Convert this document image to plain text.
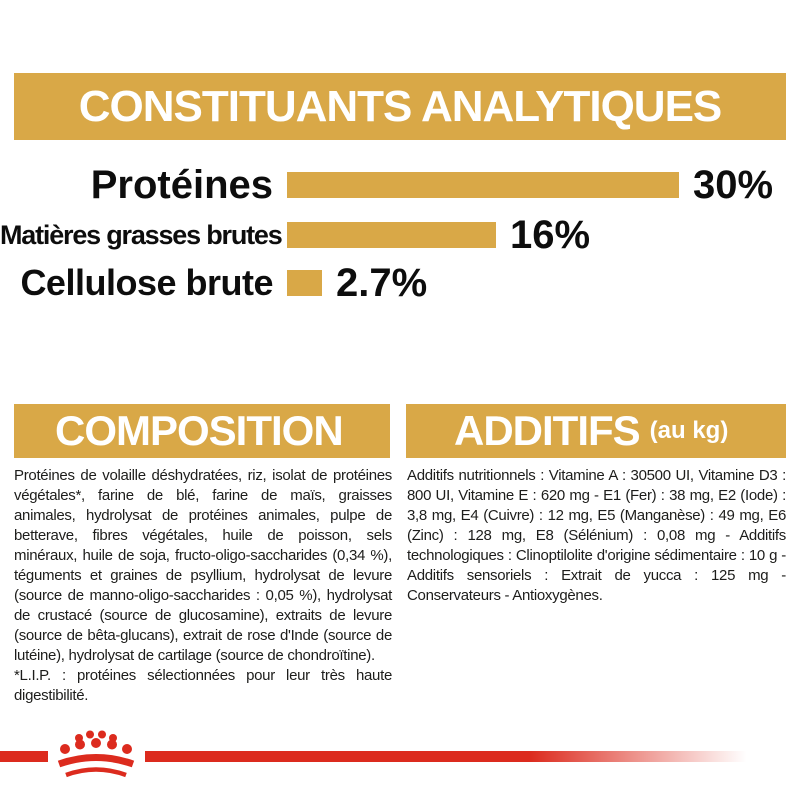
CONSTITUANTS ANALYTIQUES
Protéines	30%
Matières grasses brutes	16%
Cellulose brute	2.7%
COMPOSITION	ADDITIFS (au kg)

Protéines de volaille déshydratées, riz, isolat de protéines végétales*, farine de blé, farine de maïs, graisses animales, hydrolysat de protéines animales, pulpe de betterave, fibres végétales, huile de poisson, sels minéraux, huile de soja, fructo-oligo-saccharides (0,34 %), téguments et graines de psyllium, hydrolysat de levure (source de manno-oligo-saccharides : 0,05 %), hydrolysat de crustacé (source de glucosamine), extraits de levure (source de bêta-glucans), extrait de rose d'Inde (source de lutéine), hydrolysat de cartilage (source de chondroïtine).

*L.I.P. : protéines sélectionnées pour leur très haute digestibilité.

Additifs nutritionnels : Vitamine A : 30500 UI, Vitamine D3 : 800 UI, Vitamine E : 620 mg - E1 (Fer) : 38 mg, E2 (Iode) : 3,8 mg, E4 (Cuivre) : 12 mg, E5 (Manganèse) : 49 mg, E6 (Zinc) : 128 mg, E8 (Sélénium) : 0,08 mg - Additifs technologiques : Clinoptilolite d'origine sédimentaire : 10 g - Additifs sensoriels : Extrait de yucca : 125 mg - Conservateurs - Antioxygènes.
